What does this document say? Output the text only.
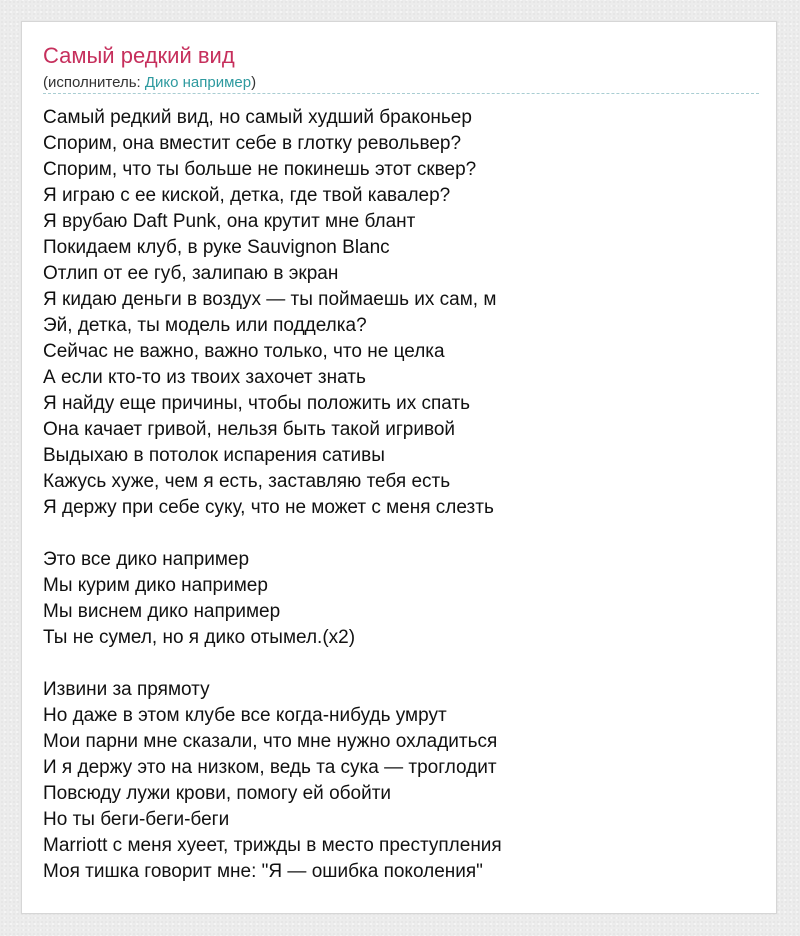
Самый редкий вид
(исполнитель: Дико например)
Самый редкий вид, но самый худший браконьер
Спорим, она вместит себе в глотку револьвер?
Спорим, что ты больше не покинешь этот сквер?
Я играю с ее киской, детка, где твой кавалер?
Я врубаю Daft Punk, она крутит мне блант
Покидаем клуб, в руке Sauvignon Blanc
Отлип от ее губ, залипаю в экран
Я кидаю деньги в воздух — ты поймаешь их сам, м
Эй, детка, ты модель или подделка?
Сейчас не важно, важно только, что не целка
А если кто-то из твоих захочет знать
Я найду еще причины, чтобы положить их спать
Она качает гривой, нельзя быть такой игривой
Выдыхаю в потолок испарения сативы
Кажусь хуже, чем я есть, заставляю тебя есть
Я держу при себе суку, что не может с меня слезть
Это все дико например
Мы курим дико например
Мы виснем дико например
Ты не сумел, но я дико отымел.(x2)
Извини за прямоту
Но даже в этом клубе все когда-нибудь умрут
Мои парни мне сказали, что мне нужно охладиться
И я держу это на низком, ведь та сука — троглодит
Повсюду лужи крови, помогу ей обойти
Но ты беги-беги-беги
Marriott с меня хуеет, трижды в место преступления
Моя тишка говорит мне: "Я — ошибка поколения"
